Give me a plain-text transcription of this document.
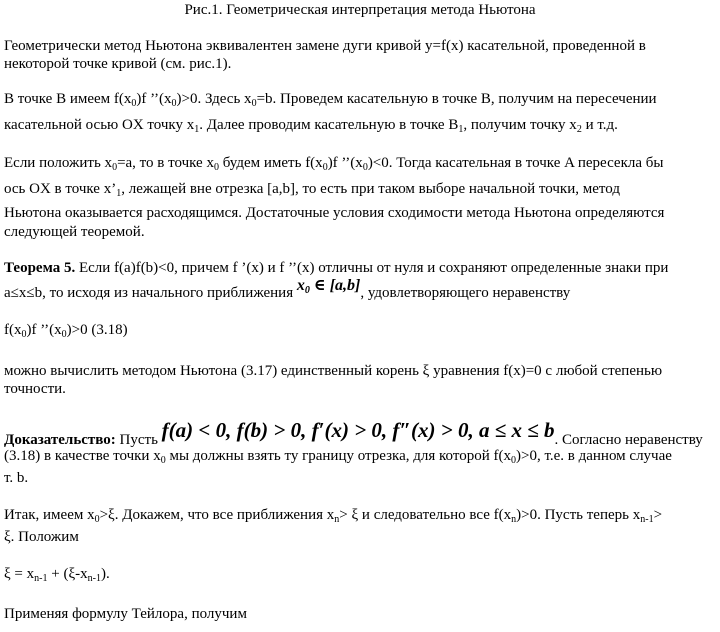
Рис.1. Геометрическая интерпретация метода Ньютона
Геометрически метод Ньютона эквивалентен замене дуги кривой y=f(x) касательной, проведенной в
некоторой точке кривой (см. рис.1).
В точке B имеем $f(x_0)f$ $’’(x_0)>0$. Здесь $x_0=b$. Проведем касательную в точке B, получим на пересечении
касательной осью OX точку $x_1$. Далее проводим касательную в точке $B_1$, получим точку $x_2$ и т.д.
Если положить $x_0=a$, то в точке $x_0$ будем иметь $f(x_0)f$ $’’(x_0)<0$. Тогда касательная в точке A пересекла бы
ось OX в точке $x’_1$, лежащей вне отрезка [a,b], то есть при таком выборе начальной точки, метод
Ньютона оказывается расходящимся. Достаточные условия сходимости метода Ньютона определяются
следующей теоремой.
Теорема 5. Если f(a)f(b)<0, причем f ’(x) и f ’’(x) отличны от нуля и сохраняют определенные знаки при
a≤x≤b, то исходя из начального приближения $x_0$ ∈ [a,b], удовлетворяющего неравенству
$f(x_0)f$ $’’(x_0)>0$ (3.18)
можно вычислить методом Ньютона (3.17) единственный корень ξ уравнения f(x)=0 с любой степенью
точности.
Доказательство: Пусть f(a) < 0, f(b) > 0, f′(x) > 0, f″(x) > 0, a ≤ x ≤ b. Согласно неравенству
(3.18) в качестве точки $x_0$ мы должны взять ту границу отрезка, для которой $f(x_0)>0$, т.е. в данном случае
т. b.
Итак, имеем $x_0>\xi$. Докажем, что все приближения $x_n> \xi$ и следовательно все $f(x_n)>0$. Пусть теперь $x_{n-1}>$
ξ. Положим
$\xi = x_{n-1} + (\xi-x_{n-1})$.
Применяя формулу Тейлора, получим
